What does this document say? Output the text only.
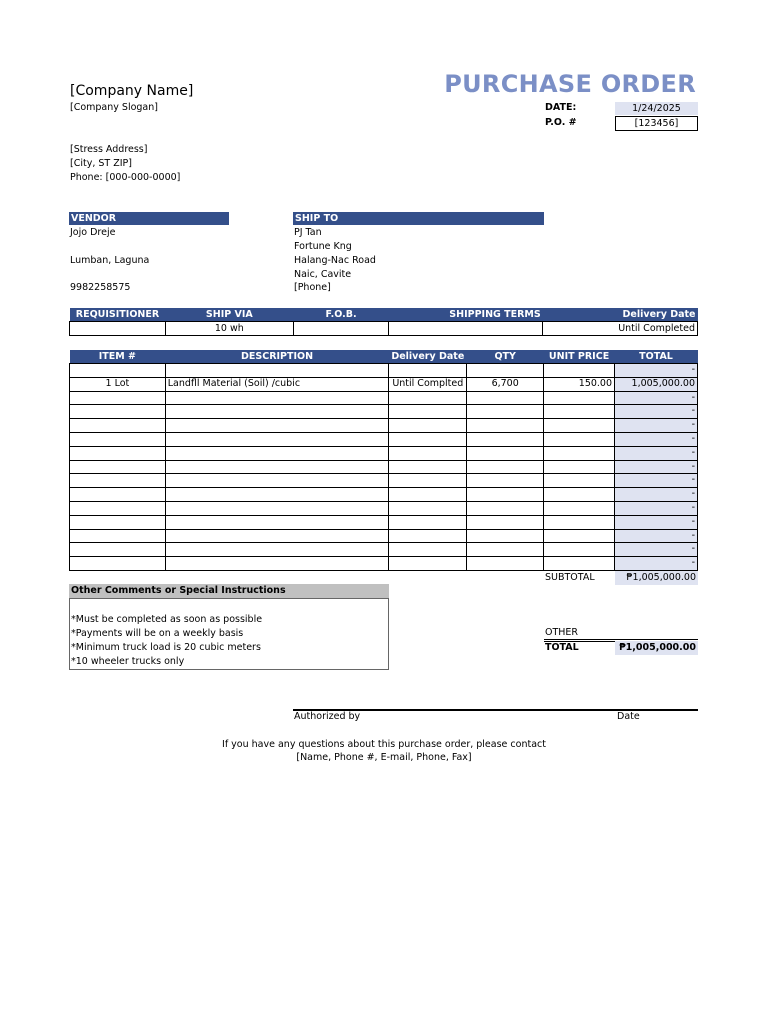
[Company Name]
[Company Slogan]
[Stress Address]
[City, ST ZIP]
Phone: [000-000-0000]
PURCHASE ORDER
DATE:	1/24/2025
P.O. #	[123456]
VENDOR
Jojo Dreje
Lumban, Laguna
9982258575
SHIP TO
PJ Tan
Fortune Kng
Halang-Nac Road
Naic, Cavite
[Phone]
REQUISITIONER	SHIP VIA	F.O.B.	SHIPPING TERMS	Delivery Date
	10 wh			Until Completed
ITEM #	DESCRIPTION	Delivery Date	QTY	UNIT PRICE	TOTAL
					-
1 Lot	Landfll Material (Soil) /cubic	Until Complted	6,700	150.00	1,005,000.00
					-
					-
					-
					-
					-
					-
					-
					-
					-
					-
					-
					-
					-
SUBTOTAL	₱1,005,000.00
OTHER
TOTAL	₱1,005,000.00
Other Comments or Special Instructions
*Must be completed as soon as possible
*Payments will be on a weekly basis
*Minimum truck load is 20 cubic meters
*10 wheeler trucks only
Authorized by	Date
If you have any questions about this purchase order, please contact
[Name, Phone #, E-mail, Phone, Fax]
